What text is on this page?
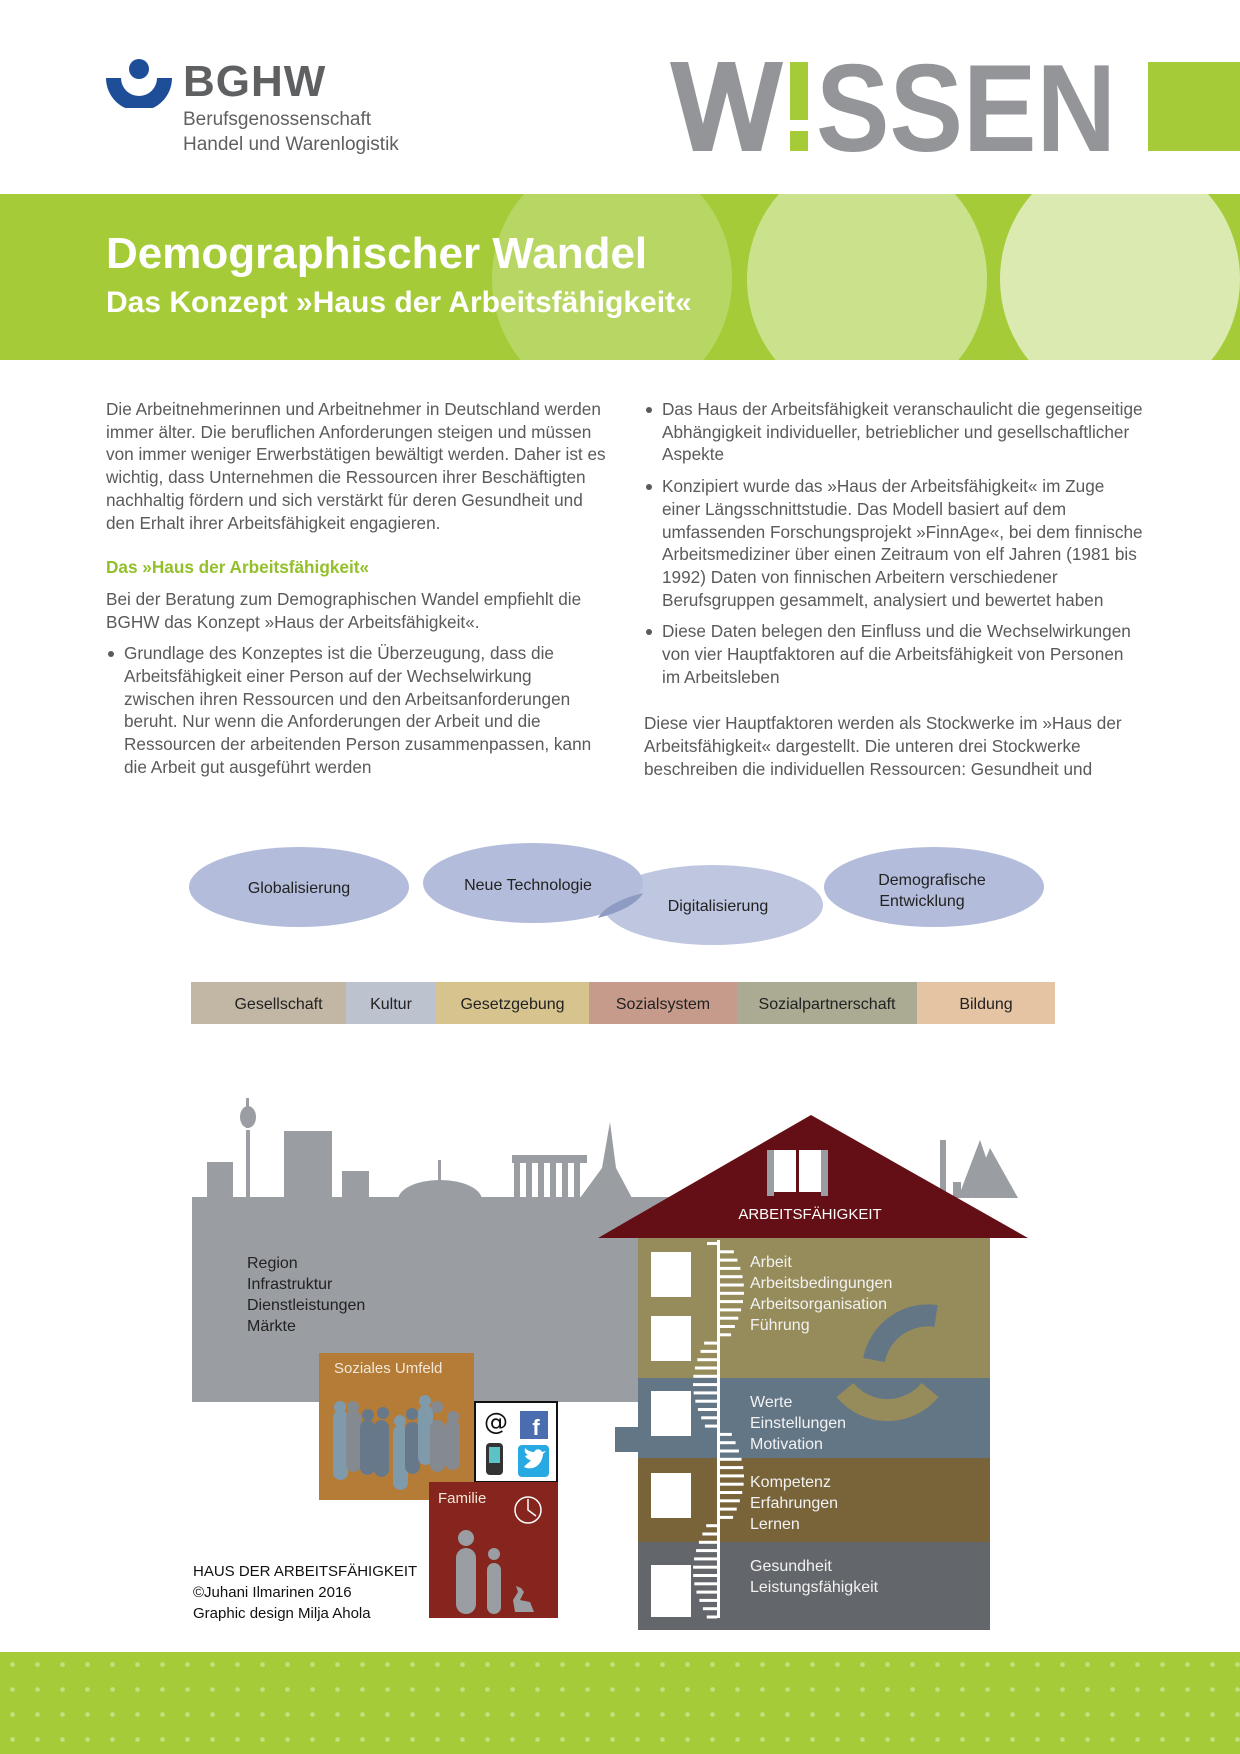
BGHW
Berufsgenossenschaft
Handel und Warenlogistik	SSEN
Demographischer Wandel
Das Konzept »Haus der Arbeitsfähigkeit«

Die Arbeitnehmerinnen und Arbeitnehmer in Deutschland werden immer älter. Die beruflichen Anforderungen steigen und müssen von immer weniger Erwerbstätigen bewältigt werden. Daher ist es wichtig, dass Unternehmen die Ressourcen ihrer Beschäftigten nachhaltig fördern und sich verstärkt für deren Gesundheit und den Erhalt ihrer Arbeitsfähigkeit engagieren.

Das »Haus der Arbeitsfähigkeit«

Bei der Beratung zum Demographischen Wandel empfiehlt die BGHW das Konzept »Haus der Arbeitsfähigkeit«.

Grundlage des Konzeptes ist die Überzeugung, dass die Arbeitsfähigkeit einer Person auf der Wechselwirkung zwischen ihren Ressourcen und den Arbeitsanforderungen beruht. Nur wenn die Anforderungen der Arbeit und die Ressourcen der arbeitenden Person zusammenpassen, kann die Arbeit gut ausgeführt werden
Das Haus der Arbeitsfähigkeit veranschaulicht die gegenseitige Abhängigkeit individueller, betrieblicher und gesellschaftlicher Aspekte
Konzipiert wurde das »Haus der Arbeitsfähigkeit« im Zuge einer Längsschnittstudie. Das Modell basiert auf dem umfassenden Forschungsprojekt »FinnAge«, bei dem finnische Arbeitsmediziner über einen Zeitraum von elf Jahren (1981 bis 1992) Daten von finnischen Arbeitern verschiedener Berufsgruppen gesammelt, analysiert und bewertet haben
Diese Daten belegen den Einfluss und die Wechselwirkungen von vier Hauptfaktoren auf die Arbeitsfähigkeit von Personen im Arbeitsleben

Diese vier Hauptfaktoren werden als Stockwerke im »Haus der Arbeitsfähigkeit« dargestellt. Die unteren drei Stockwerke beschreiben die individuellen Ressourcen: Gesundheit und

Globalisierung	Neue Technologie
Digitalisierung
Demografische
Entwicklung
Gesellschaft	Kultur	Gesetzgebung	Sozialsystem	Sozialpartnerschaft	Bildung
Region
Infrastruktur
Dienstleistungen
Märkte
ARBEITSFÄHIGKEIT
Arbeit
Arbeitsbedingungen
Arbeitsorganisation
Führung
Werte
Einstellungen
Motivation
Kompetenz
Erfahrungen
Lernen
Gesundheit
Leistungsfähigkeit
Soziales Umfeld
@ f
Familie
HAUS DER ARBEITSFÄHIGKEIT
©Juhani Ilmarinen 2016
Graphic design Milja Ahola
